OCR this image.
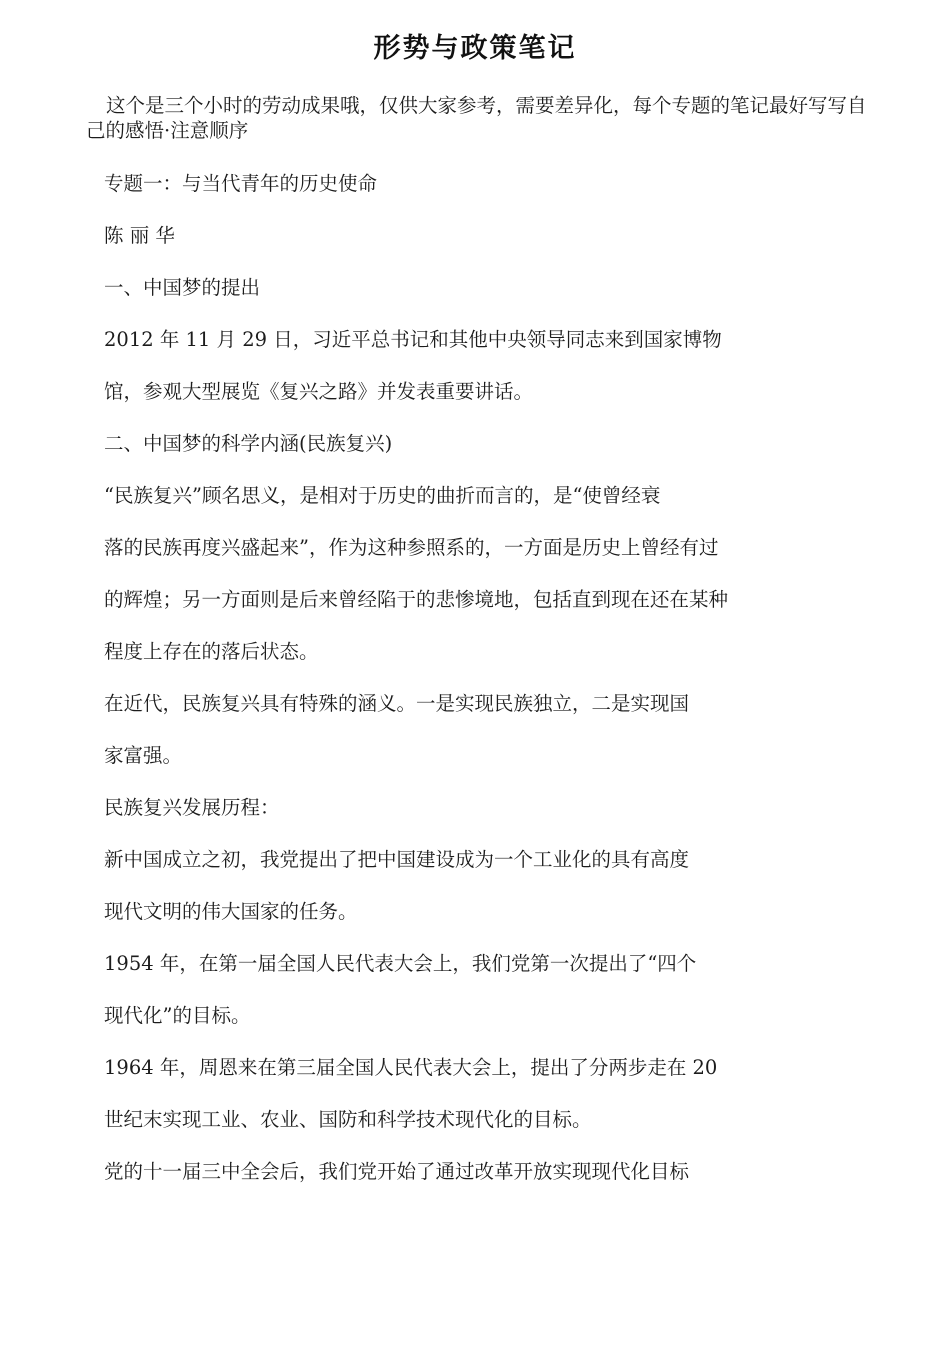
形势与政策笔记
这个是三个小时的劳动成果哦，仅供大家参考，需要差异化，每个专题的笔记最好写写自己的感悟·注意顺序
专题一：与当代青年的历史使命
陈 丽 华
一、中国梦的提出
2012 年 11 月 29 日，习近平总书记和其他中央领导同志来到国家博物
馆，参观大型展览《复兴之路》并发表重要讲话。
二、中国梦的科学内涵(民族复兴)
“民族复兴”顾名思义，是相对于历史的曲折而言的，是“使曾经衰
落的民族再度兴盛起来”，作为这种参照系的，一方面是历史上曾经有过
的辉煌；另一方面则是后来曾经陷于的悲惨境地，包括直到现在还在某种
程度上存在的落后状态。
在近代，民族复兴具有特殊的涵义。一是实现民族独立，二是实现国
家富强。
民族复兴发展历程：
新中国成立之初，我党提出了把中国建设成为一个工业化的具有高度
现代文明的伟大国家的任务。
1954 年，在第一届全国人民代表大会上，我们党第一次提出了“四个
现代化”的目标。
1964 年，周恩来在第三届全国人民代表大会上，提出了分两步走在 20
世纪末实现工业、农业、国防和科学技术现代化的目标。
党的十一届三中全会后，我们党开始了通过改革开放实现现代化目标
